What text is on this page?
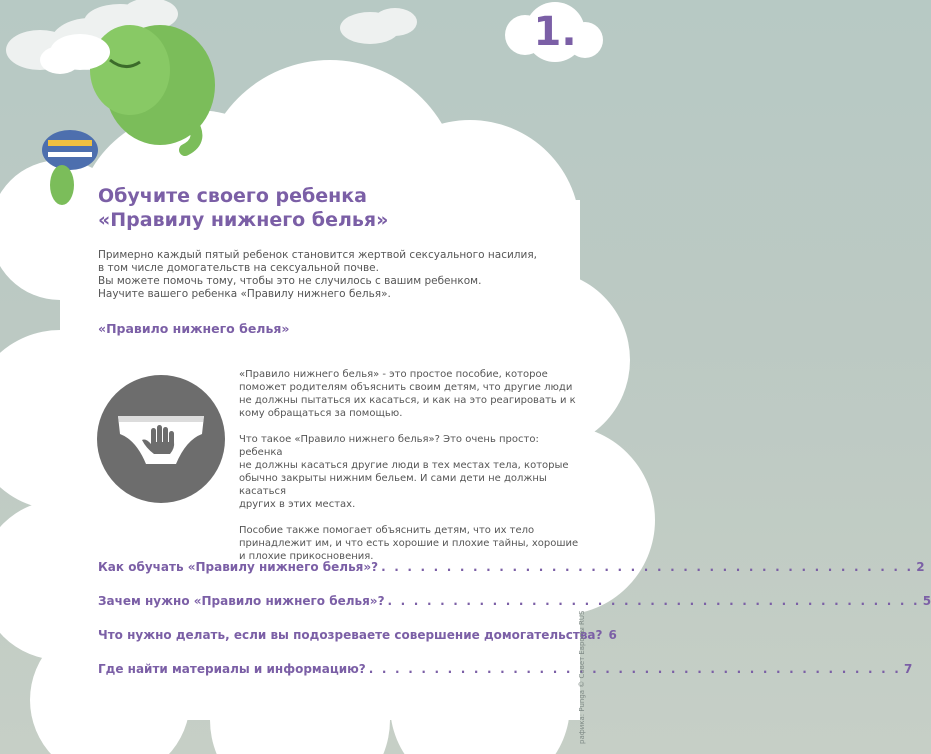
1.
Обучите своего ребенка
«Правилу нижнего белья»
Примерно каждый пятый ребенок становится жертвой сексуального насилия,
в том числе домогательств на сексуальной почве.
Вы можете помочь тому, чтобы это не случилось с вашим ребенком.
Научите вашего ребенка «Правилу нижнего белья».
«Правило нижнего белья»

«Правило нижнего белья» - это простое пособие, которое
поможет родителям объяснить своим детям, что другие люди
не должны пытаться их касаться, и как на это реагировать и к
кому обращаться за помощью.

Что такое «Правило нижнего белья»? Это очень просто: ребенка
не должны касаться другие люди в тех местах тела, которые
обычно закрыты нижним бельем. И сами дети не должны касаться
других в этих местах.

Пособие также помогает объяснить детям, что их тело
принадлежит им, и что есть хорошие и плохие тайны, хорошие
и плохие прикосновения.

Как обучать «Правилу нижнего белья»? . . . . . . . . . . . . . . . . . . . . . . . . . . . . . . . . . . . . . . . . . 2
Зачем нужно «Правило нижнего белья»? . . . . . . . . . . . . . . . . . . . . . . . . . . . . . . . . . . . . . . . . . 5
Что нужно делать, если вы подозреваете совершение домогательства? 6
Где найти материалы и информацию? . . . . . . . . . . . . . . . . . . . . . . . . . . . . . . . . . . . . . . . . . 7
рафика: Punga © Совет Европы RUS
